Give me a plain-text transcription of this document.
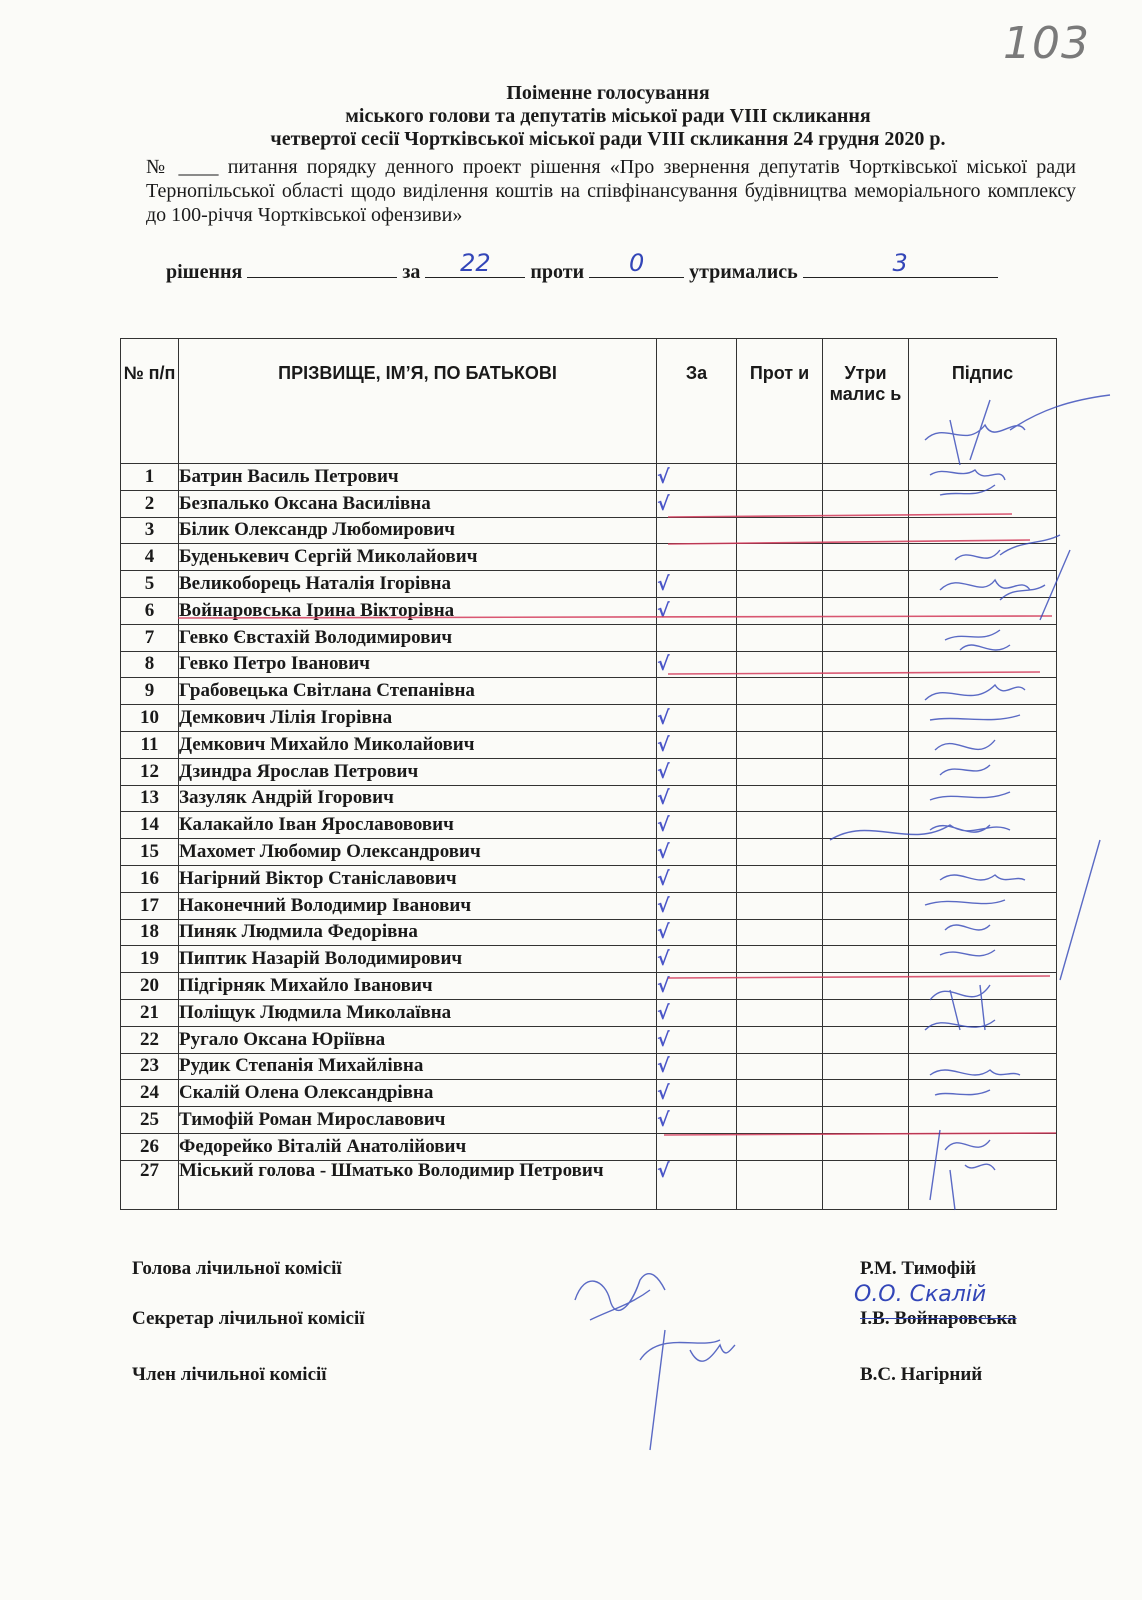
103
Поіменне голосування
міського голови та депутатів міської ради VIII скликання
четвертої сесії Чортківської міської ради VIII скликання 24 грудня 2020 р.
№ ____ питання порядку денного проект рішення «Про звернення депутатів Чортківської міської ради Тернопільської області щодо виділення коштів на співфінансування будівництва меморіального комплексу до 100-річчя Чортківської офензиви»
рішення	за	22	проти	0	утримались	3
№ п/п	ПРІЗВИЩЕ, ІМ’Я, ПО БАТЬКОВІ	За	Прот и	Утри малис ь	Підпис
1	Батрин Василь Петрович	√			
2	Безпалько Оксана Василівна	√			
3	Білик Олександр Любомирович				
4	Буденькевич Сергій Миколайович				
5	Великоборець Наталія Ігорівна	√			
6	Войнаровська Ірина Вікторівна	√			
7	Гевко Євстахій Володимирович				
8	Гевко Петро Іванович	√			
9	Грабовецька Світлана Степанівна				
10	Демкович Лілія Ігорівна	√			
11	Демкович Михайло Миколайович	√			
12	Дзиндра Ярослав Петрович	√			
13	Зазуляк Андрій Ігорович	√			
14	Калакайло Іван Ярославовович	√			
15	Махомет Любомир Олександрович	√			
16	Нагірний Віктор Станіславович	√			
17	Наконечний Володимир Іванович	√			
18	Пиняк Людмила Федорівна	√			
19	Пиптик Назарій Володимирович	√			
20	Підгірняк Михайло Іванович	√			
21	Поліщук Людмила Миколаївна	√			
22	Ругало Оксана Юріївна	√			
23	Рудик Степанія Михайлівна	√			
24	Скалій Олена Олександрівна	√			
25	Тимофій Роман Мирославович	√			
26	Федорейко Віталій Анатолійович				
27	Міський голова - Шматько Володимир Петрович	√			
Голова лічильної комісії	Р.М. Тимофій
Секретар лічильної комісії	І.В. Войнаровська
О.О. Скалій
Член лічильної комісії	В.С. Нагірний
